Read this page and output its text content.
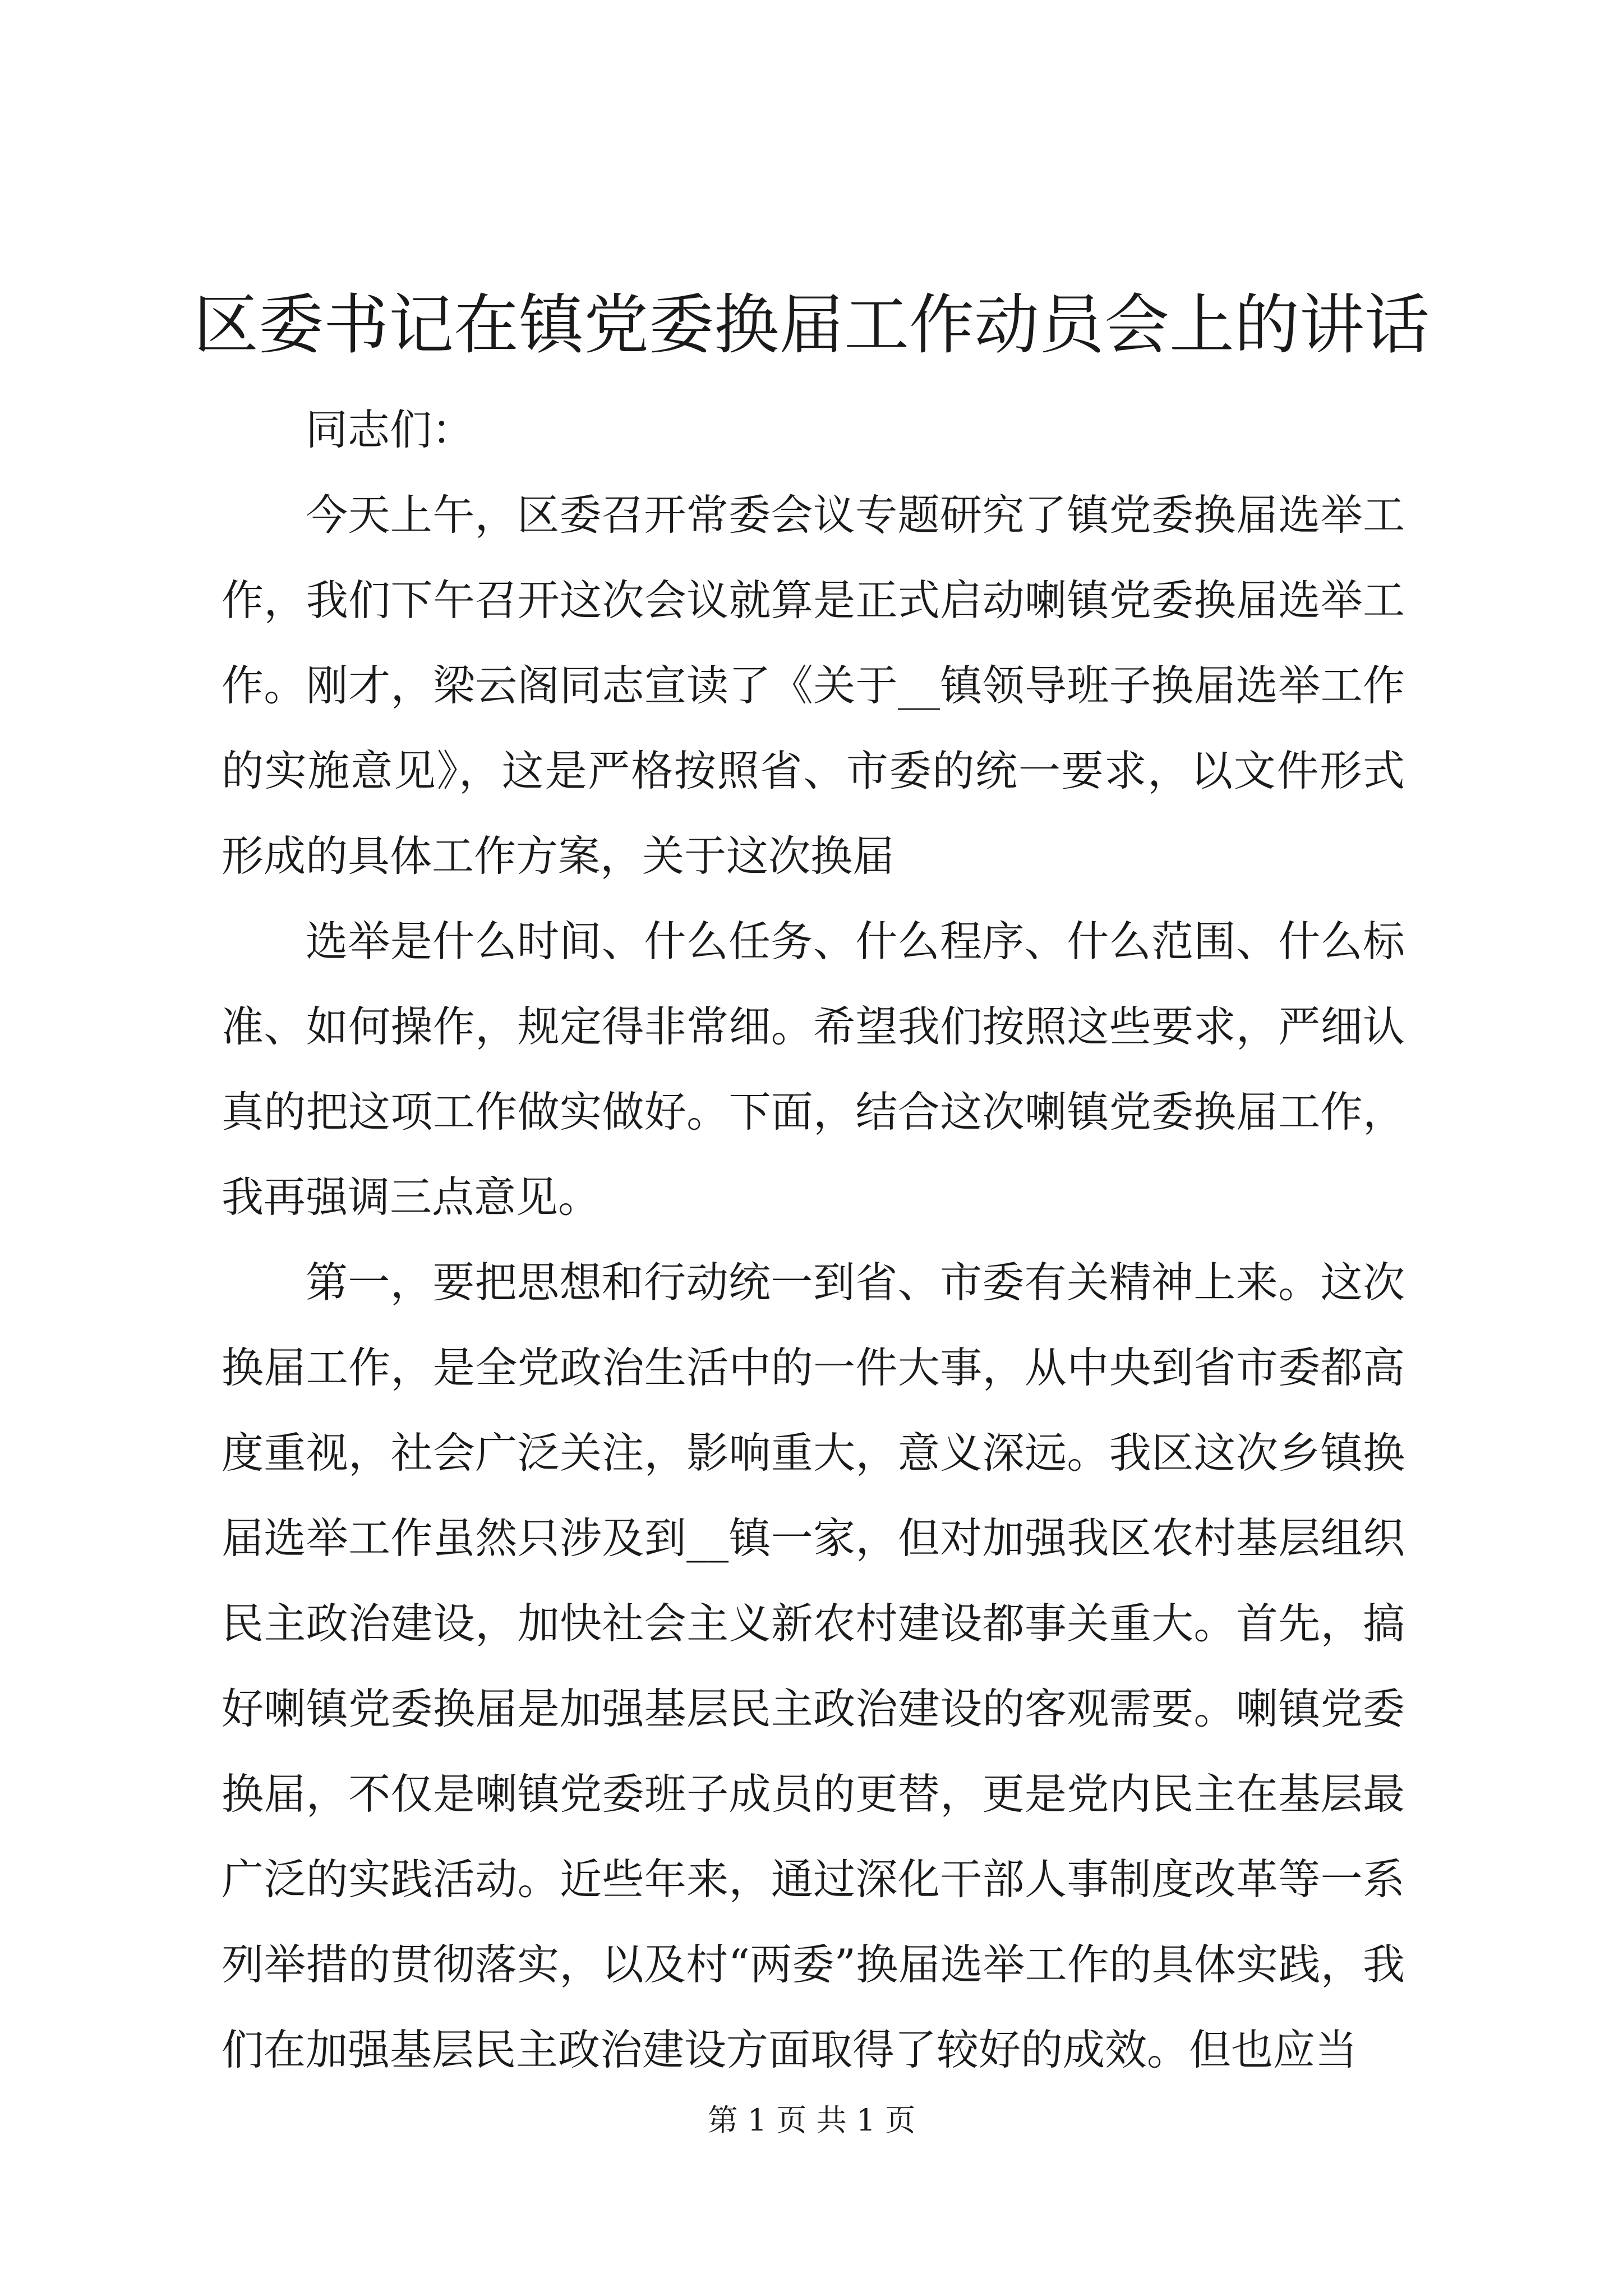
区委书记在镇党委换届工作动员会上的讲话

同志们：

今天上午，区委召开常委会议专题研究了镇党委换届选举工作，我们下午召开这次会议就算是正式启动喇镇党委换届选举工作。刚才，梁云阁同志宣读了《关于__镇领导班子换届选举工作的实施意见》，这是严格按照省、市委的统一要求，以文件形式形成的具体工作方案，关于这次换届

选举是什么时间、什么任务、什么程序、什么范围、什么标准、如何操作，规定得非常细。希望我们按照这些要求，严细认真的把这项工作做实做好。下面，结合这次喇镇党委换届工作，我再强调三点意见。

第一，要把思想和行动统一到省、市委有关精神上来。这次换届工作，是全党政治生活中的一件大事，从中央到省市委都高度重视，社会广泛关注，影响重大，意义深远。我区这次乡镇换届选举工作虽然只涉及到__镇一家，但对加强我区农村基层组织民主政治建设，加快社会主义新农村建设都事关重大。首先，搞好喇镇党委换届是加强基层民主政治建设的客观需要。喇镇党委换届，不仅是喇镇党委班子成员的更替，更是党内民主在基层最广泛的实践活动。近些年来，通过深化干部人事制度改革等一系列举措的贯彻落实，以及村“两委”换届选举工作的具体实践，我们在加强基层民主政治建设方面取得了较好的成效。但也应当

第 1 页 共 1 页
